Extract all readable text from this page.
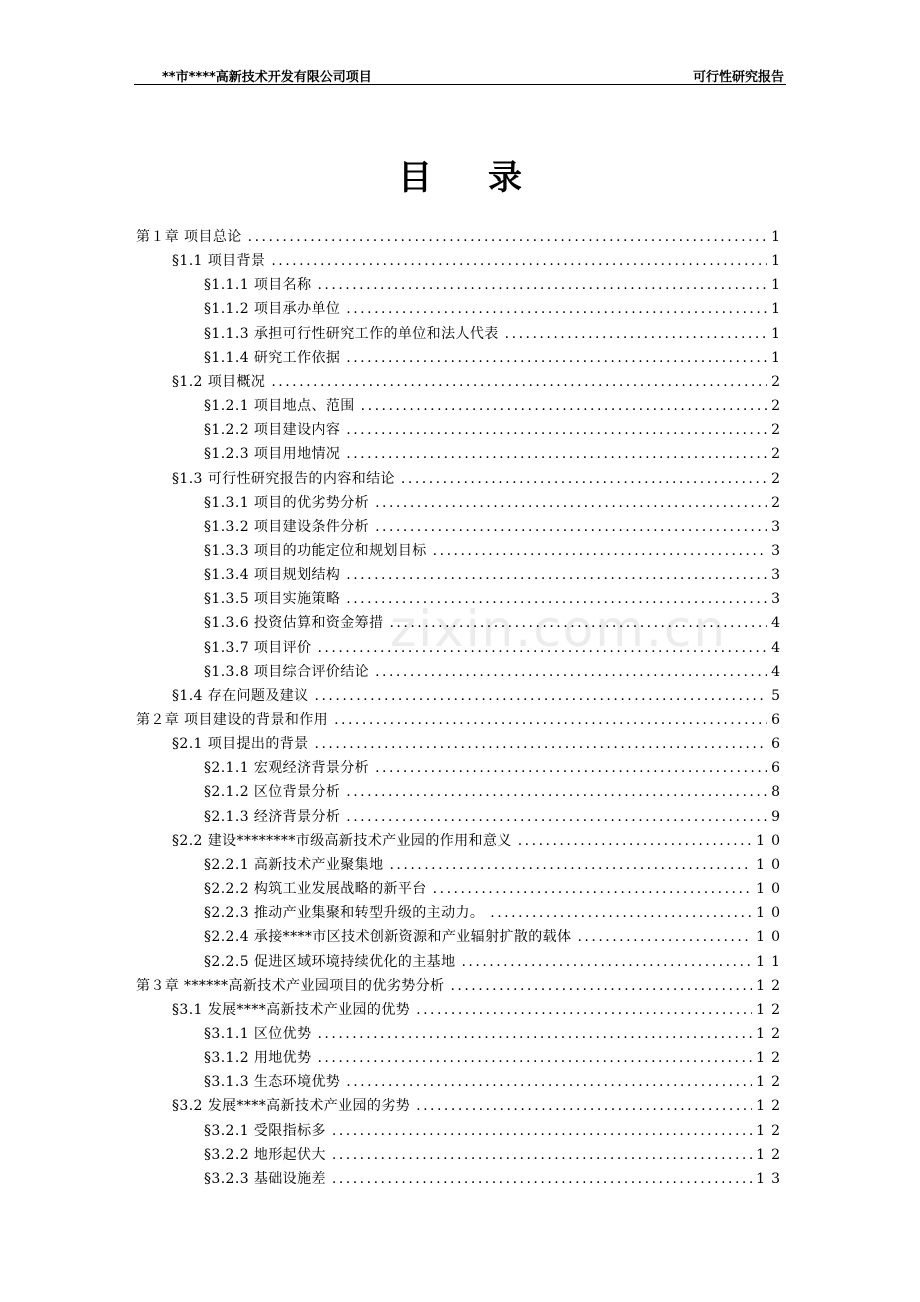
**市****高新技术开发有限公司项目	可行性研究报告
目录
zixin.com.cn
第１章 项目总论 .....	1
§1.1 项目背景 .....	1
§1.1.1 项目名称 .....	1
§1.1.2 项目承办单位 .....	1
§1.1.3 承担可行性研究工作的单位和法人代表 .....	1
§1.1.4 研究工作依据 .....	1
§1.2 项目概况 .....	2
§1.2.1 项目地点、范围 .....	2
§1.2.2 项目建设内容 .....	2
§1.2.3 项目用地情况 .....	2
§1.3 可行性研究报告的内容和结论 .....	2
§1.3.1 项目的优劣势分析 .....	2
§1.3.2 项目建设条件分析 .....	3
§1.3.3 项目的功能定位和规划目标 .....	3
§1.3.4 项目规划结构 .....	3
§1.3.5 项目实施策略 .....	3
§1.3.6 投资估算和资金筹措 .....	4
§1.3.7 项目评价 .....	4
§1.3.8 项目综合评价结论 .....	4
§1.4 存在问题及建议 .....	5
第２章 项目建设的背景和作用 .....	6
§2.1 项目提出的背景 .....	6
§2.1.1 宏观经济背景分析 .....	6
§2.1.2 区位背景分析 .....	8
§2.1.3 经济背景分析 .....	9
§2.2 建设********市级高新技术产业园的作用和意义 .....	10
§2.2.1 高新技术产业聚集地 .....	10
§2.2.2 构筑工业发展战略的新平台 .....	10
§2.2.3 推动产业集聚和转型升级的主动力。 .....	10
§2.2.4 承接****市区技术创新资源和产业辐射扩散的载体 .....	10
§2.2.5 促进区域环境持续优化的主基地 .....	11
第３章 ******高新技术产业园项目的优劣势分析 .....	12
§3.1 发展****高新技术产业园的优势 .....	12
§3.1.1 区位优势 .....	12
§3.1.2 用地优势 .....	12
§3.1.3 生态环境优势 .....	12
§3.2 发展****高新技术产业园的劣势 .....	12
§3.2.1 受限指标多 .....	12
§3.2.2 地形起伏大 .....	12
§3.2.3 基础设施差 .....	13
